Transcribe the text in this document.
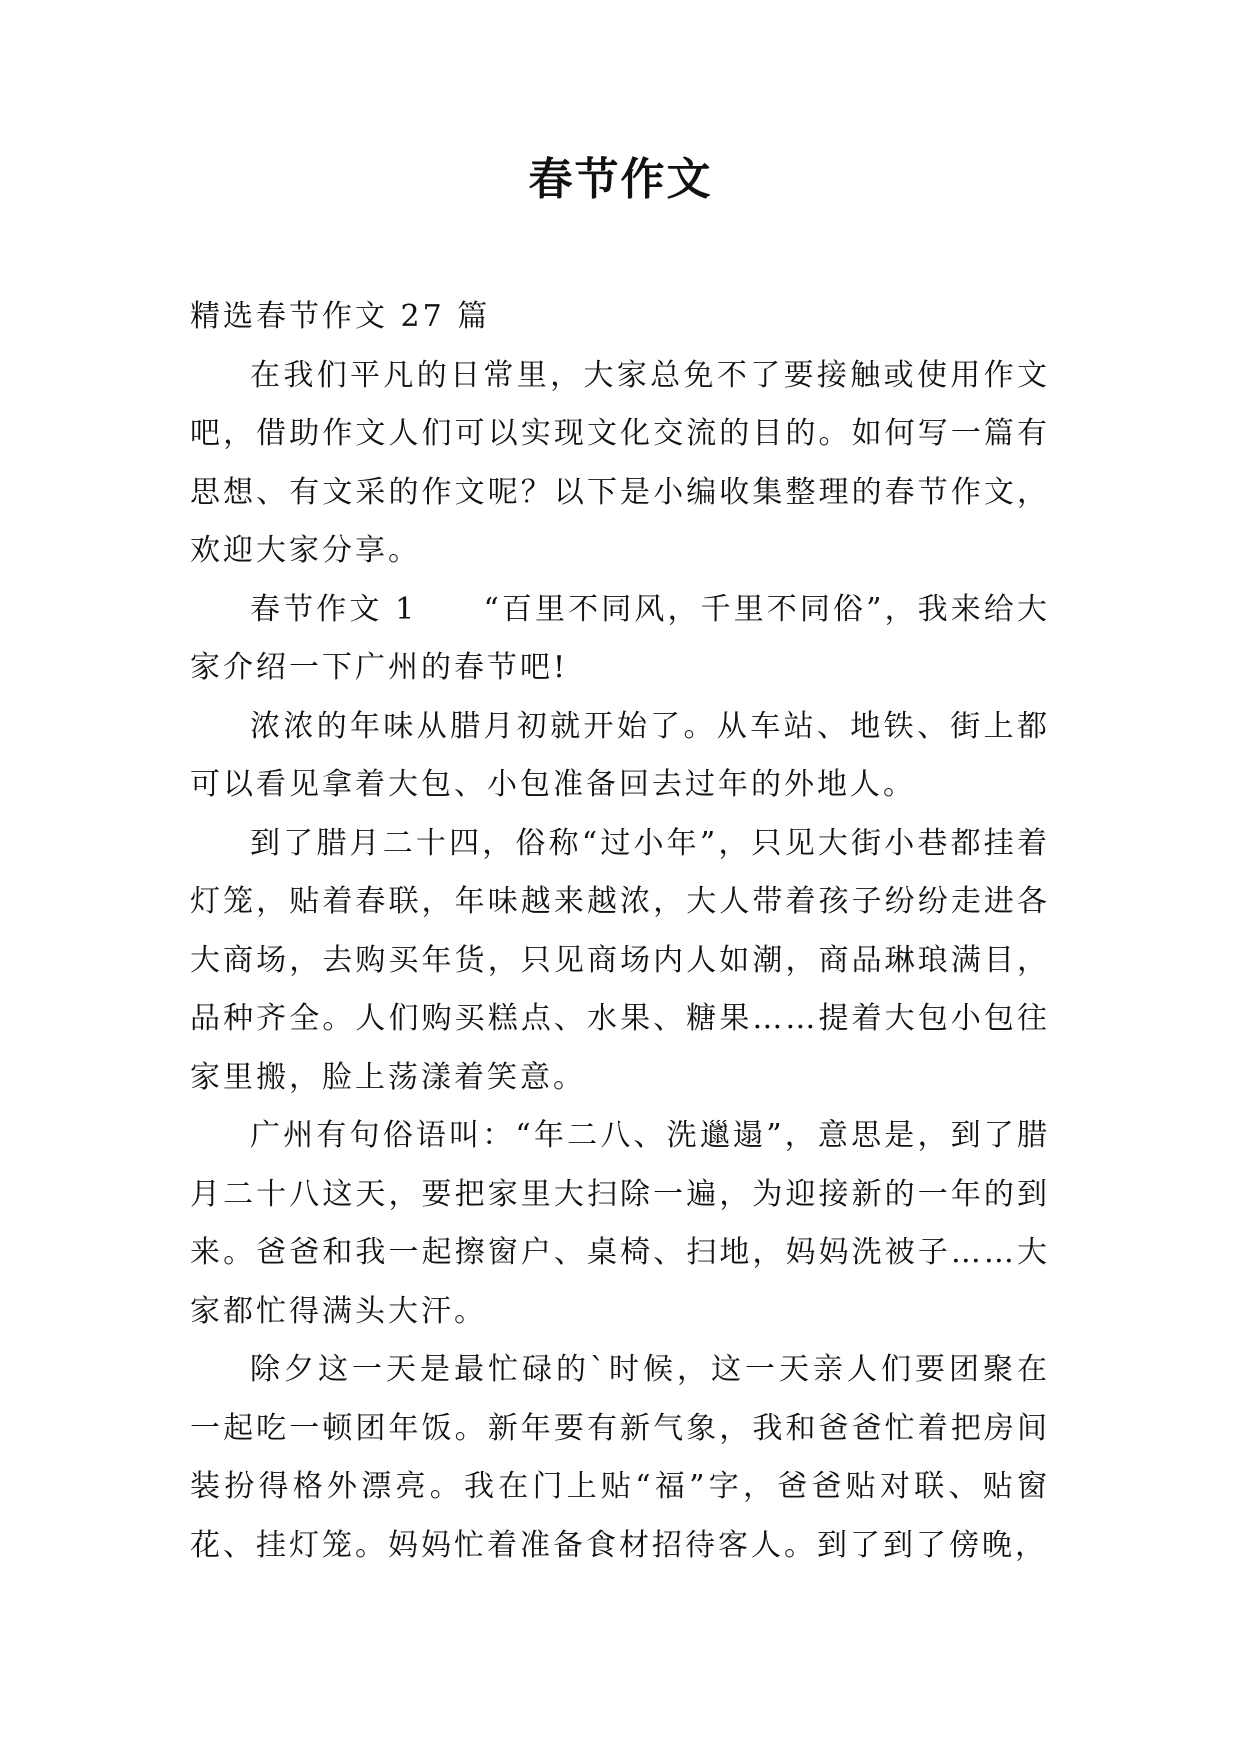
春节作文

精选春节作文 27 篇

在我们平凡的日常里，大家总免不了要接触或使用作文吧，借助作文人们可以实现文化交流的目的。如何写一篇有思想、有文采的作文呢？以下是小编收集整理的春节作文，欢迎大家分享。

春节作文 1　　“百里不同风，千里不同俗”，我来给大家介绍一下广州的春节吧!

浓浓的年味从腊月初就开始了。从车站、地铁、街上都可以看见拿着大包、小包准备回去过年的外地人。

到了腊月二十四，俗称“过小年”，只见大街小巷都挂着灯笼，贴着春联，年味越来越浓，大人带着孩子纷纷走进各大商场，去购买年货，只见商场内人如潮，商品琳琅满目，品种齐全。人们购买糕点、水果、糖果……提着大包小包往家里搬，脸上荡漾着笑意。

广州有句俗语叫：“年二八、洗邋遢”，意思是，到了腊月二十八这天，要把家里大扫除一遍，为迎接新的一年的到来。爸爸和我一起擦窗户、桌椅、扫地，妈妈洗被子……大家都忙得满头大汗。

除夕这一天是最忙碌的`时候，这一天亲人们要团聚在一起吃一顿团年饭。新年要有新气象，我和爸爸忙着把房间装扮得格外漂亮。我在门上贴“福”字，爸爸贴对联、贴窗花、挂灯笼。妈妈忙着准备食材招待客人。到了到了傍晚，
